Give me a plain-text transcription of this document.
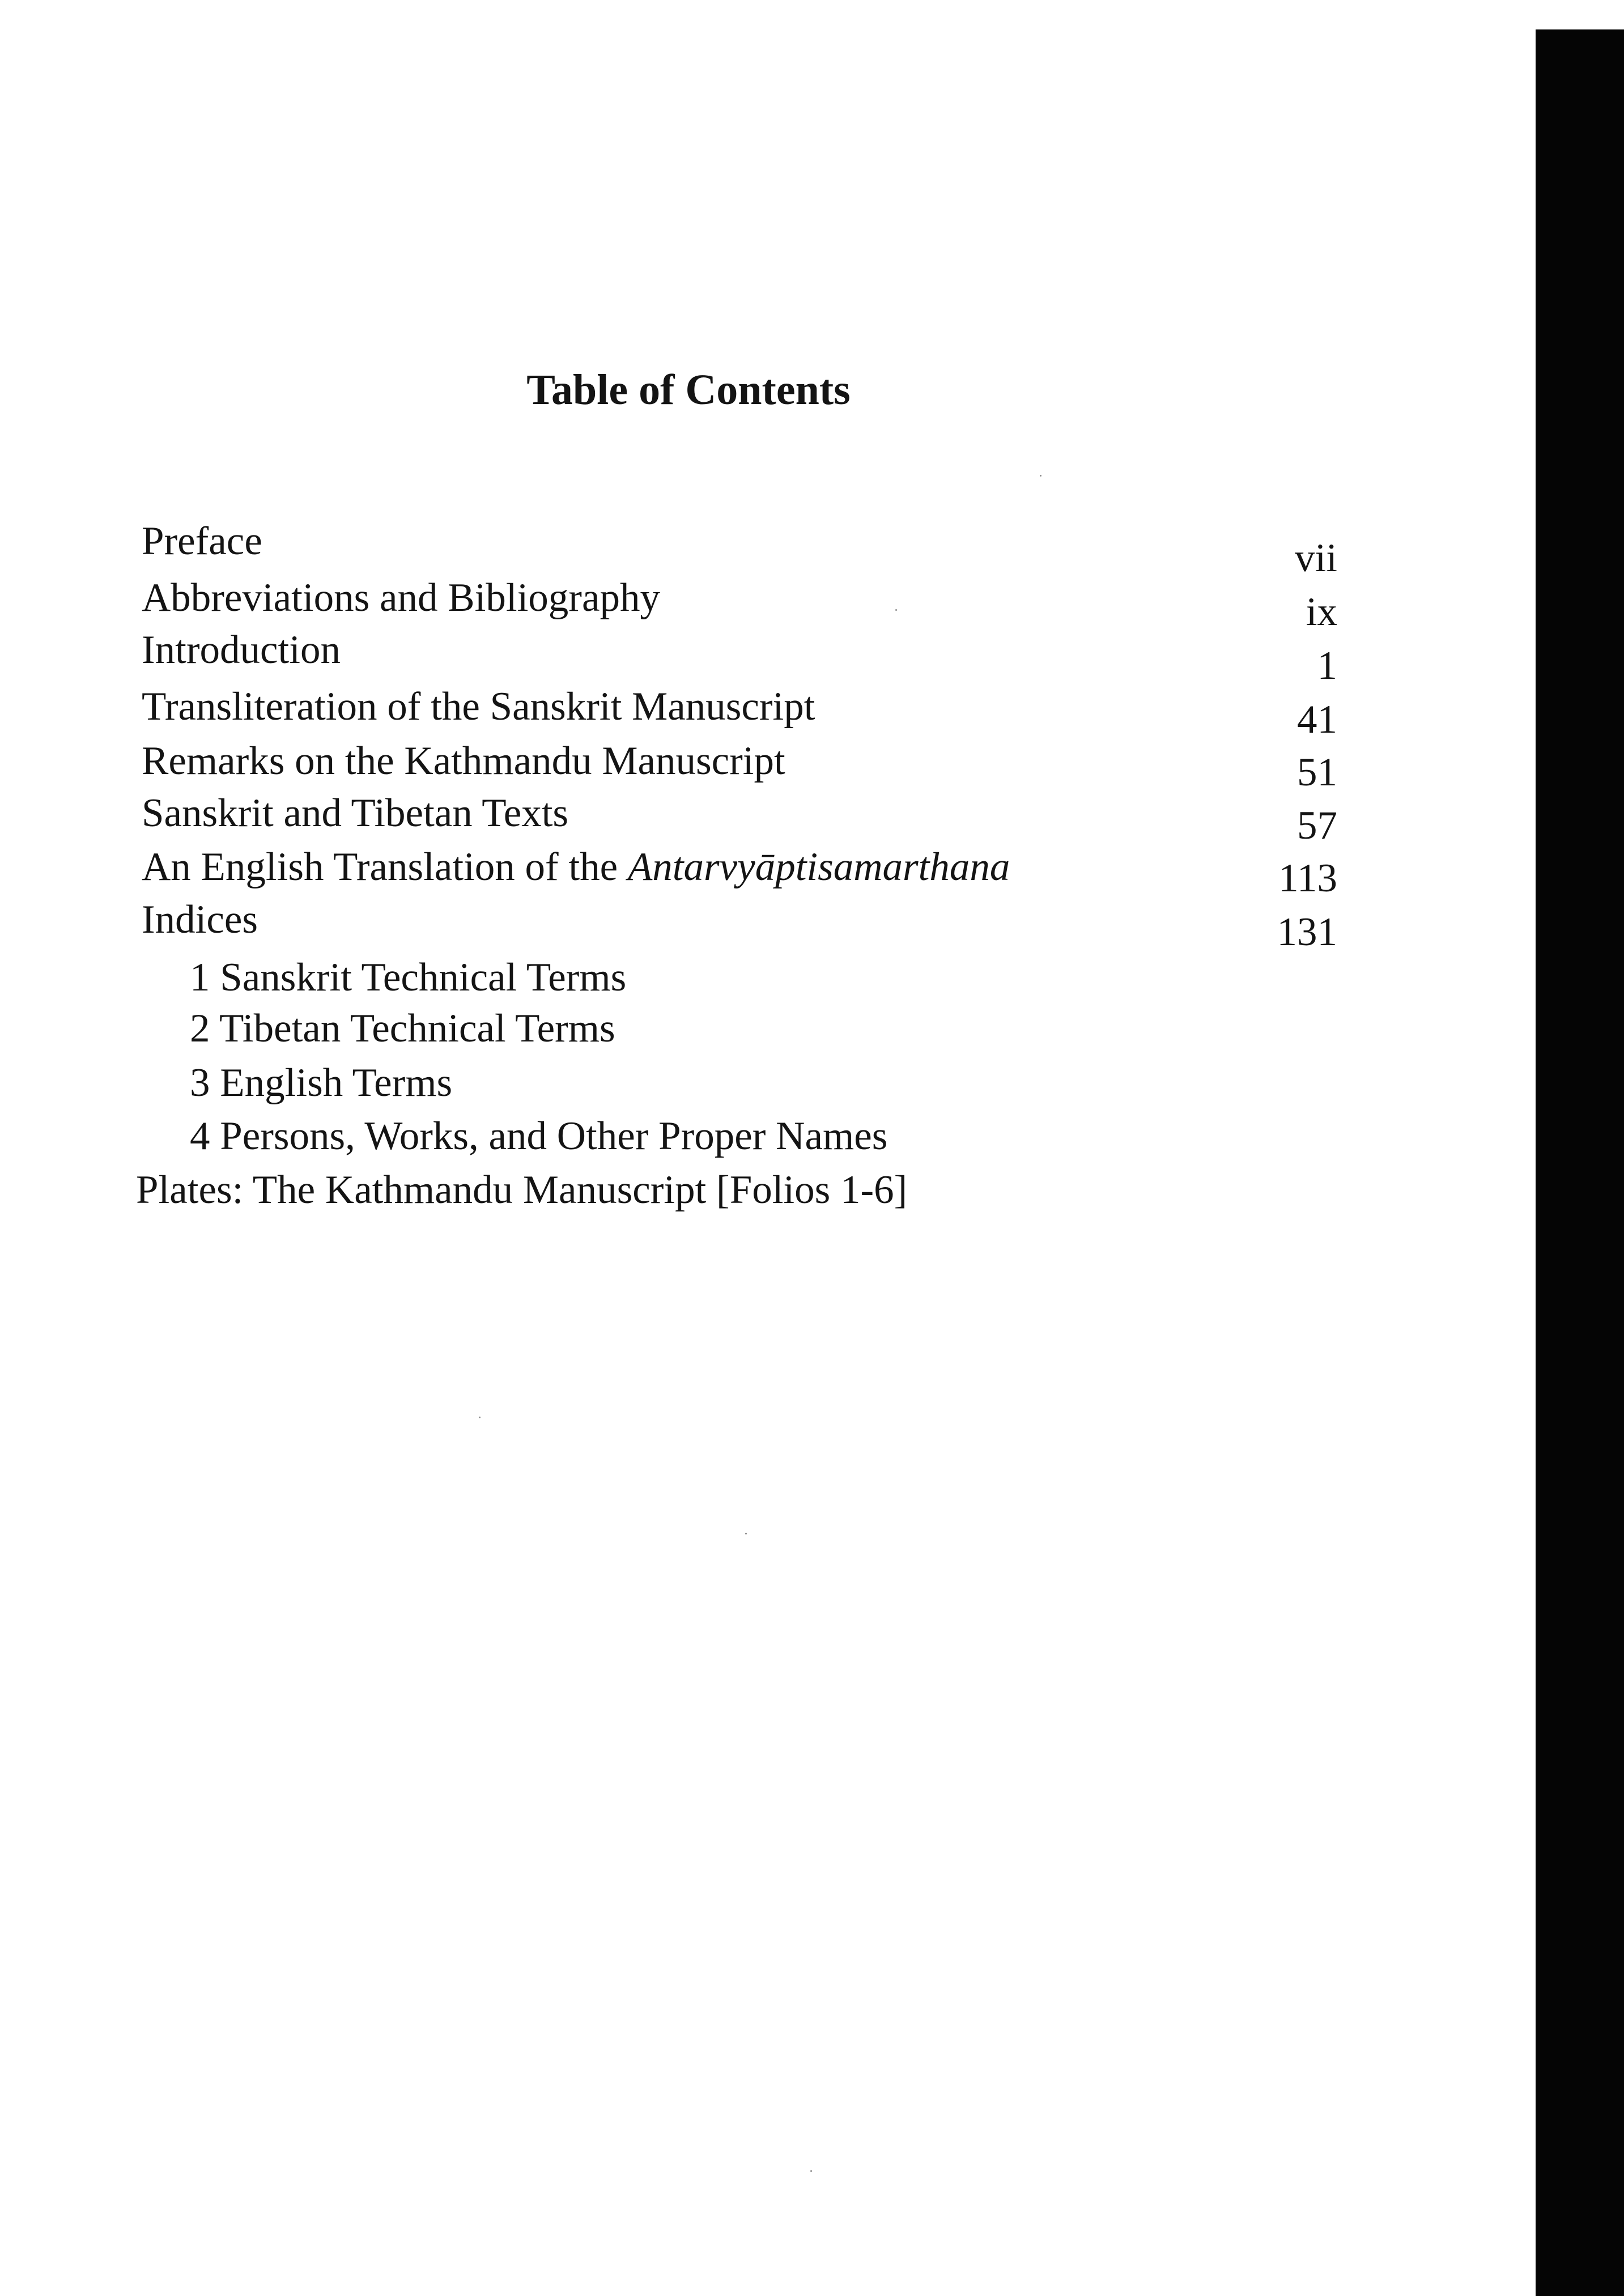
Table of Contents
Preface	vii
Abbreviations and Bibliography	ix
Introduction	1
Transliteration of the Sanskrit Manuscript	41
Remarks on the Kathmandu Manuscript	51
Sanskrit and Tibetan Texts	57
An English Translation of the Antarvyāptisamarthana	113
Indices	131
1 Sanskrit Technical Terms
2 Tibetan Technical Terms
3 English Terms
4 Persons, Works, and Other Proper Names
Plates: The Kathmandu Manuscript [Folios 1-6]
